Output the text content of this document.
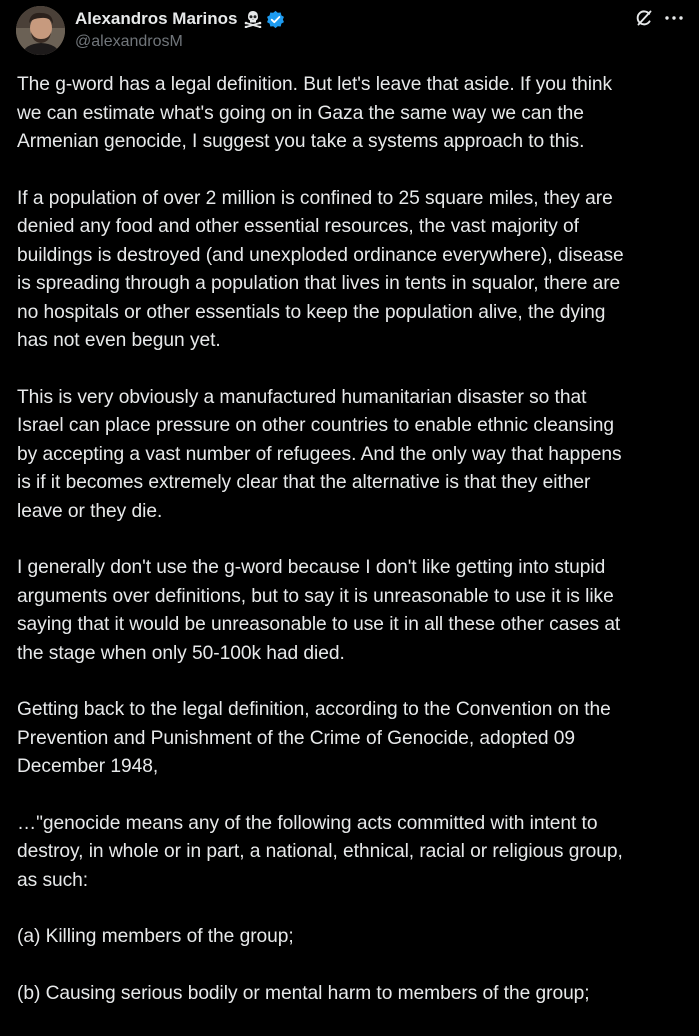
Alexandros Marinos
@alexandrosM

The g-word has a legal definition. But let's leave that aside. If you think
we can estimate what's going on in Gaza the same way we can the
Armenian genocide, I suggest you take a systems approach to this.

If a population of over 2 million is confined to 25 square miles, they are
denied any food and other essential resources, the vast majority of
buildings is destroyed (and unexploded ordinance everywhere), disease
is spreading through a population that lives in tents in squalor, there are
no hospitals or other essentials to keep the population alive, the dying
has not even begun yet.

This is very obviously a manufactured humanitarian disaster so that
Israel can place pressure on other countries to enable ethnic cleansing
by accepting a vast number of refugees. And the only way that happens
is if it becomes extremely clear that the alternative is that they either
leave or they die.

I generally don't use the g-word because I don't like getting into stupid
arguments over definitions, but to say it is unreasonable to use it is like
saying that it would be unreasonable to use it in all these other cases at
the stage when only 50-100k had died.

Getting back to the legal definition, according to the Convention on the
Prevention and Punishment of the Crime of Genocide, adopted 09
December 1948,

…"genocide means any of the following acts committed with intent to
destroy, in whole or in part, a national, ethnical, racial or religious group,
as such:

(a) Killing members of the group;

(b) Causing serious bodily or mental harm to members of the group;
